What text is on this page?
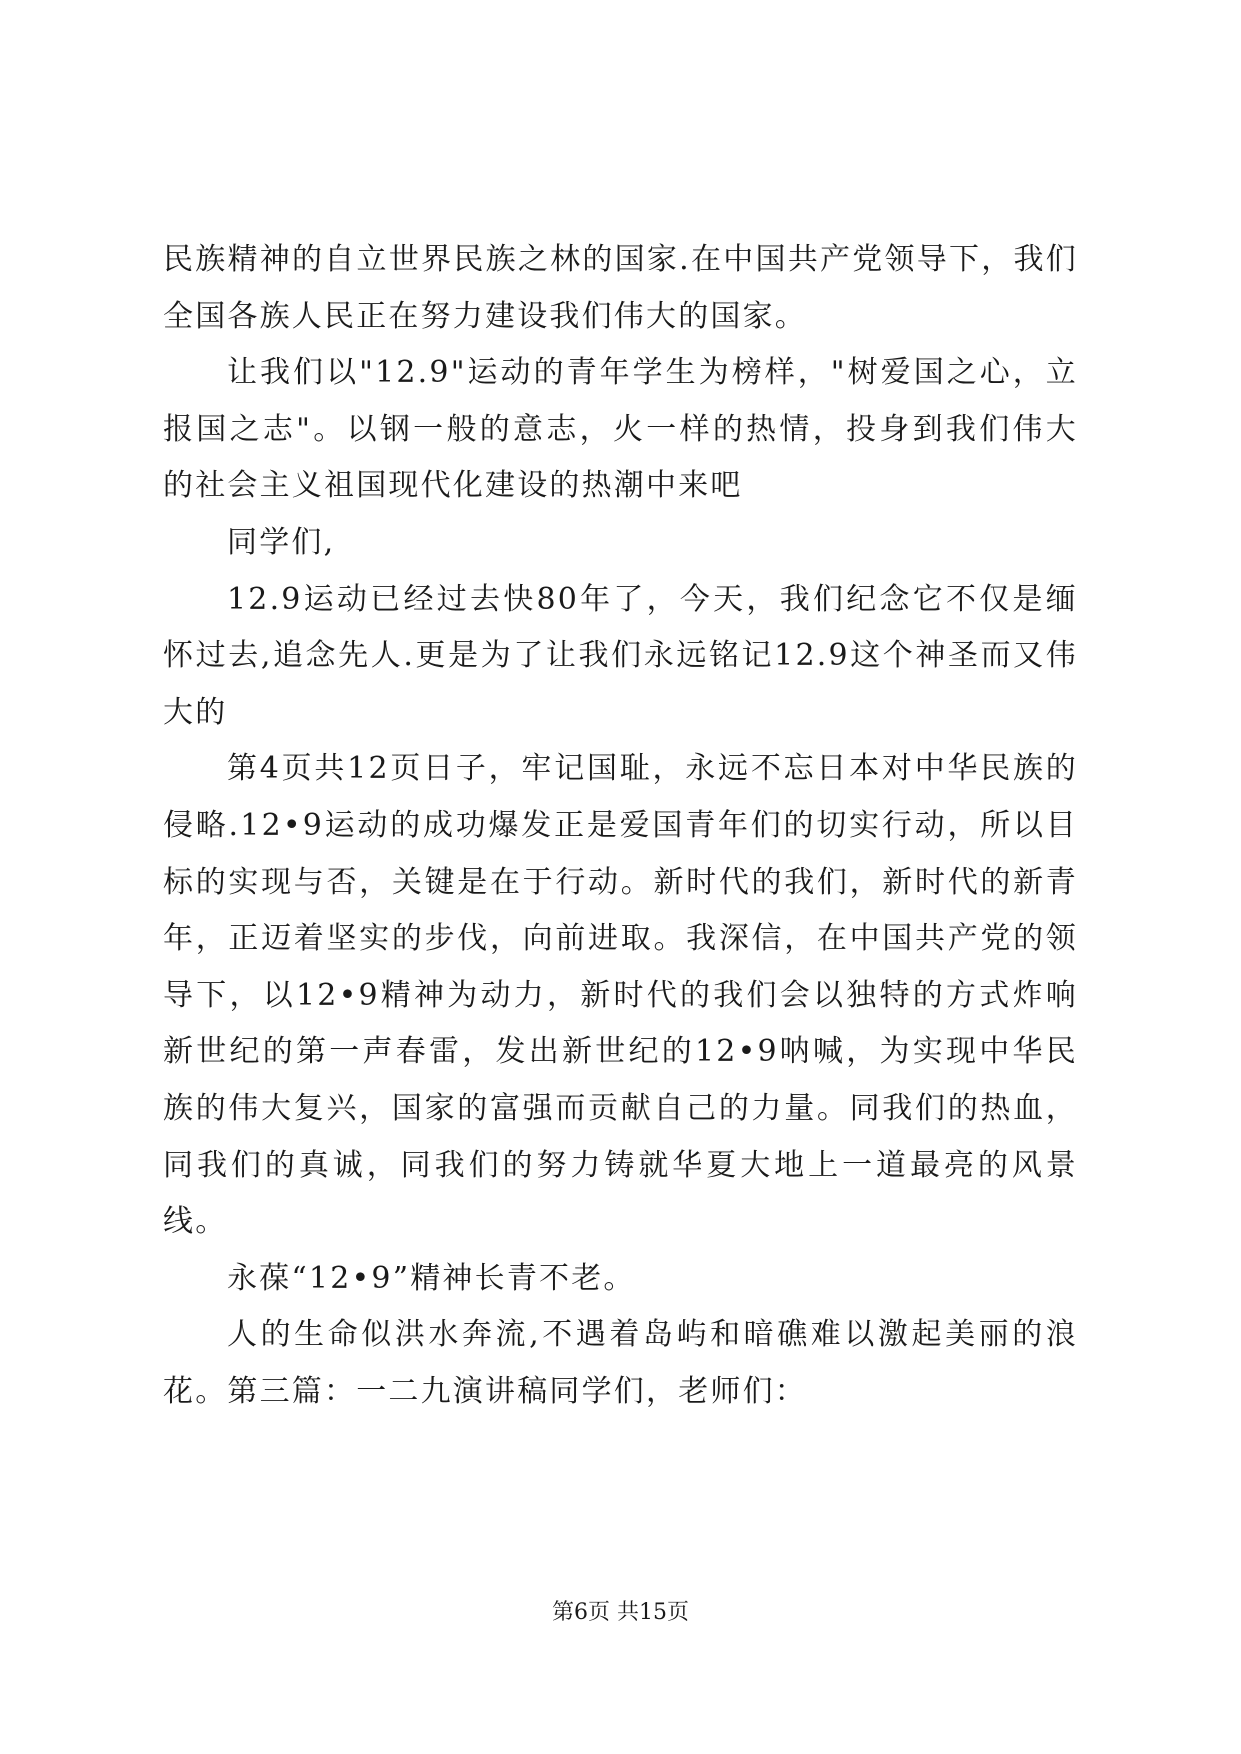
民族精神的自立世界民族之林的国家.在中国共产党领导下，我们全国各族人民正在努力建设我们伟大的国家。

让我们以"12.9"运动的青年学生为榜样，"树爱国之心，立报国之志"。以钢一般的意志，火一样的热情，投身到我们伟大的社会主义祖国现代化建设的热潮中来吧

同学们,

12.9运动已经过去快80年了，今天，我们纪念它不仅是缅怀过去,追念先人.更是为了让我们永远铭记12.9这个神圣而又伟大的

第4页共12页日子，牢记国耻，永远不忘日本对中华民族的侵略.12•9运动的成功爆发正是爱国青年们的切实行动，所以目标的实现与否，关键是在于行动。新时代的我们，新时代的新青年，正迈着坚实的步伐，向前进取。我深信，在中国共产党的领导下，以12•9精神为动力，新时代的我们会以独特的方式炸响新世纪的第一声春雷，发出新世纪的12•9呐喊，为实现中华民族的伟大复兴，国家的富强而贡献自己的力量。同我们的热血，同我们的真诚，同我们的努力铸就华夏大地上一道最亮的风景线。

永葆“12•9”精神长青不老。

人的生命似洪水奔流,不遇着岛屿和暗礁难以激起美丽的浪花。第三篇：一二九演讲稿同学们，老师们：

第6页 共15页
